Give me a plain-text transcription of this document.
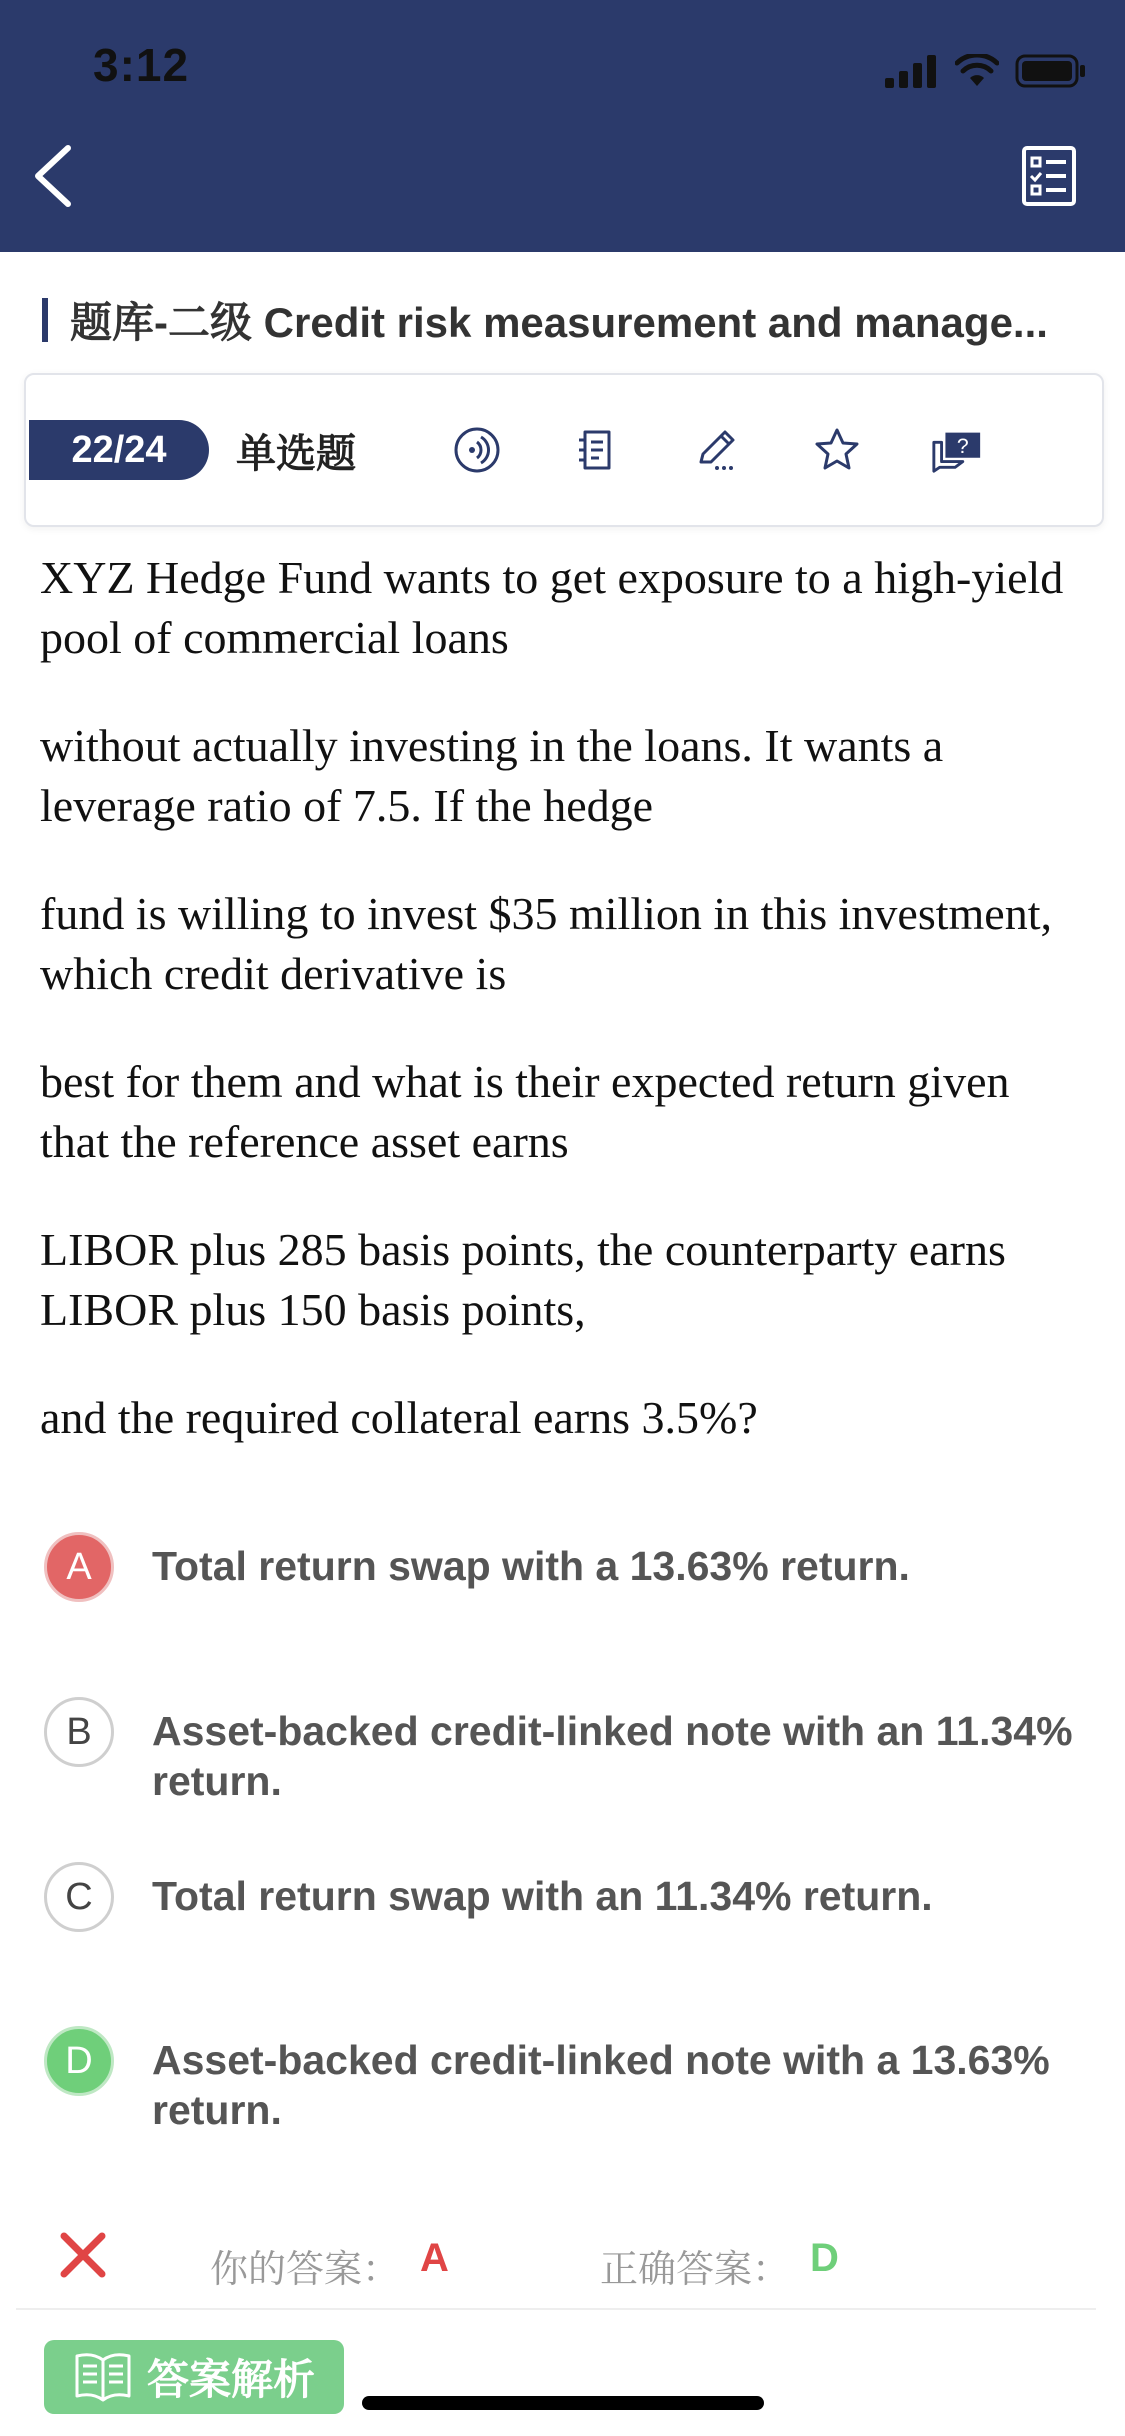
3:12
题库-二级 Credit risk measurement and manage...
22/24	单选题	?

XYZ Hedge Fund wants to get exposure to a high-yield pool of commercial loans

without actually investing in the loans. It wants a leverage ratio of 7.5. If the hedge

fund is willing to invest $35 million in this investment, which credit derivative is

best for them and what is their expected return given that the reference asset earns

LIBOR plus 285 basis points, the counterparty earns LIBOR plus 150 basis points,

and the required collateral earns 3.5%?

A	Total return swap with a 13.63% return.
B	Asset-backed credit-linked note with an 11.34% return.
C	Total return swap with an 11.34% return.
D	Asset-backed credit-linked note with a 13.63% return.
你的答案： A	正确答案： D
答案解析
